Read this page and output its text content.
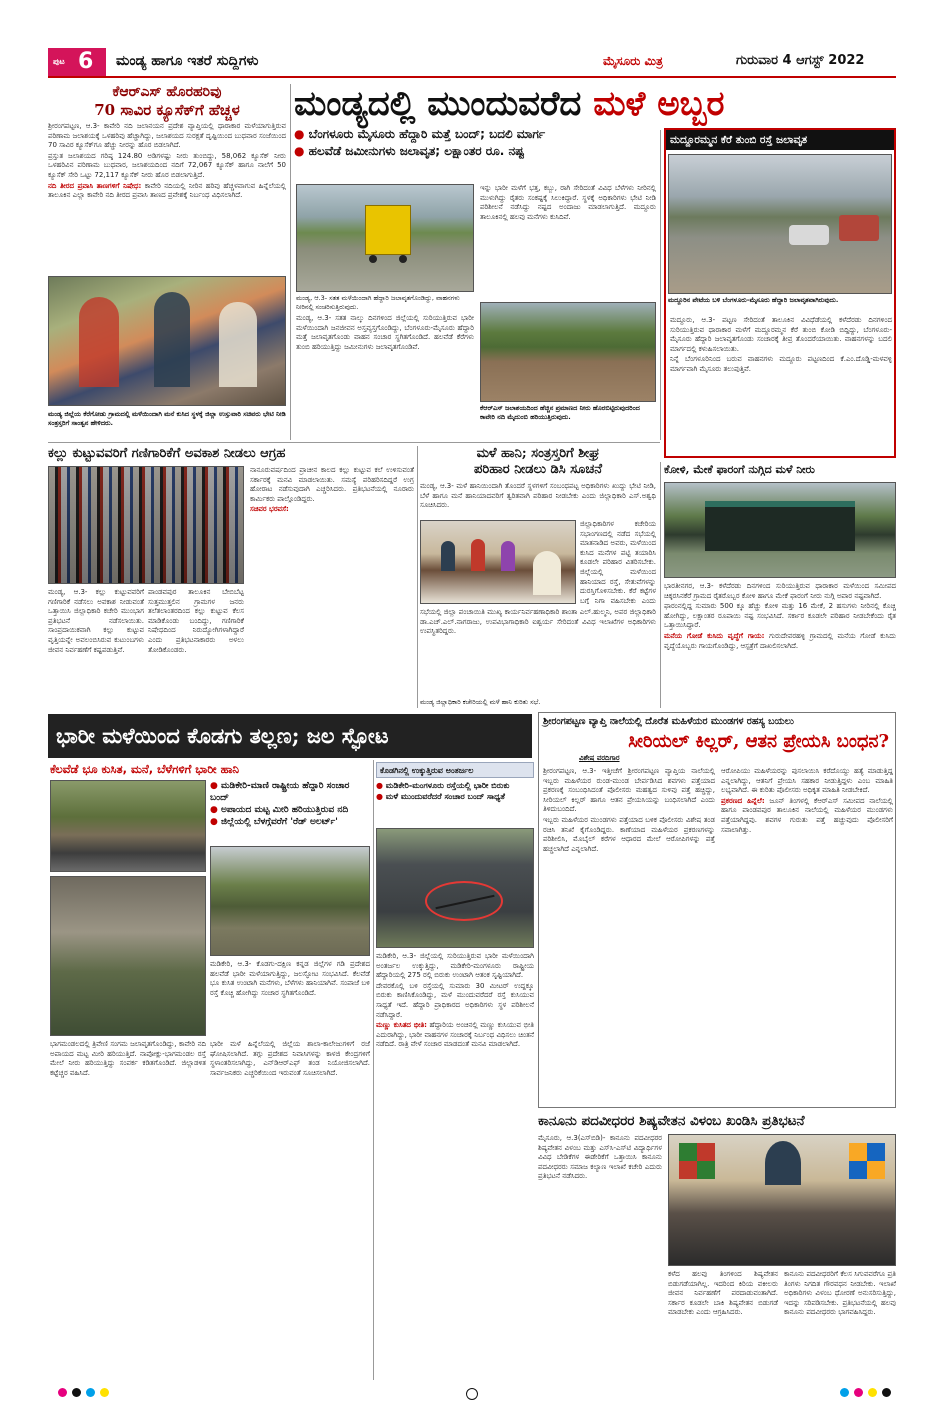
ಪುಟ 6 ಮಂಡ್ಯ ಹಾಗೂ ಇತರೆ ಸುದ್ದಿಗಳು	ಮೈಸೂರು ಮಿತ್ರ	ಗುರುವಾರ 4 ಆಗಸ್ಟ್ 2022
ಕೆಆರ್‌ಎಸ್ ಹೊರಹರಿವು
70 ಸಾವಿರ ಕ್ಯೂಸೆಕ್‌ಗೆ ಹೆಚ್ಚಳ

ಶ್ರೀರಂಗಪಟ್ಟಣ, ಆ.3- ಕಾವೇರಿ ನದಿ ಜಲಾನಯನ ಪ್ರದೇಶ ವ್ಯಾಪ್ತಿಯಲ್ಲಿ ಧಾರಾಕಾರ ಮಳೆಯಾಗುತ್ತಿರುವ ಪರಿಣಾಮ ಜಲಾಶಯಕ್ಕೆ ಒಳಹರಿವು ಹೆಚ್ಚಾಗಿದ್ದು, ಜಲಾಶಯದ ಸುರಕ್ಷತೆ ದೃಷ್ಟಿಯಿಂದ ಬುಧವಾರ ಸಂಜೆಯಿಂದ 70 ಸಾವಿರ ಕ್ಯೂಸೆಕ್‌ಗೂ ಹೆಚ್ಚು ನೀರನ್ನು ಹೊರ ಬಿಡಲಾಗಿದೆ.

ಪ್ರಸ್ತುತ ಜಲಾಶಯದ ಗರಿಷ್ಠ 124.80 ಅಡಿಗಳಷ್ಟು ನೀರು ತುಂಬಿದ್ದು, 58,062 ಕ್ಯೂಸೆಕ್ ನೀರು ಒಳಹರಿವಿನ ಪರಿಣಾಮ ಬುಧವಾರ, ಜಲಾಶಯದಿಂದ ನದಿಗೆ 72,067 ಕ್ಯೂಸೆಕ್ ಹಾಗೂ ನಾಲೆಗೆ 50 ಕ್ಯೂಸೆಕ್ ಸೇರಿ ಒಟ್ಟು 72,117 ಕ್ಯೂಸೆಕ್ ನೀರು ಹೊರ ಬಿಡಲಾಗುತ್ತಿದೆ.

ನದಿ ತೀರದ ಪ್ರವಾಸಿ ತಾಣಗಳಿಗೆ ನಿಷೇಧ: ಕಾವೇರಿ ನದಿಯಲ್ಲಿ ನೀರಿನ ಹರಿವು ಹೆಚ್ಚಳವಾಗುವ ಹಿನ್ನೆಲೆಯಲ್ಲಿ ತಾಲೂಕಿನ ಎಲ್ಲಾ ಕಾವೇರಿ ನದಿ ತೀರದ ಪ್ರವಾಸಿ ತಾಣದ ಪ್ರವೇಶಕ್ಕೆ ನಿರ್ಬಂಧ ವಿಧಿಸಲಾಗಿದೆ.

ಮಂಡ್ಯ ಜಿಲ್ಲೆಯ ಕೆರೆಗೋಡು ಗ್ರಾಮದಲ್ಲಿ ಮಳೆಯಿಂದಾಗಿ ಮನೆ ಕುಸಿದ ಸ್ಥಳಕ್ಕೆ ಜಿಲ್ಲಾ ಉಸ್ತುವಾರಿ ಸಚಿವರು ಭೇಟಿ ನೀಡಿ ಸಂತ್ರಸ್ತರಿಗೆ ಸಾಂತ್ವನ ಹೇಳಿದರು.
ಮಂಡ್ಯದಲ್ಲಿ ಮುಂದುವರೆದ ಮಳೆ ಅಬ್ಬರ
● ಬೆಂಗಳೂರು ಮೈಸೂರು ಹೆದ್ದಾರಿ ಮತ್ತೆ ಬಂದ್; ಬದಲಿ ಮಾರ್ಗ
● ಹಲವೆಡೆ ಜಮೀನುಗಳು ಜಲಾವೃತ; ಲಕ್ಷಾಂತರ ರೂ. ನಷ್ಟ
ಮಂಡ್ಯ, ಆ.3- ಸತತ ಮಳೆಯಿಂದಾಗಿ ಹೆದ್ದಾರಿ ಜಲಾವೃತಗೊಂಡಿದ್ದು, ವಾಹನಗಳು ನೀರಿನಲ್ಲಿ ಸಂಚರಿಸುತ್ತಿರುವುದು.
ಮಂಡ್ಯ, ಆ.3- ಸತತ ನಾಲ್ಕು ದಿನಗಳಿಂದ ಜಿಲ್ಲೆಯಲ್ಲಿ ಸುರಿಯುತ್ತಿರುವ ಭಾರೀ ಮಳೆಯಿಂದಾಗಿ ಜನಜೀವನ ಅಸ್ತವ್ಯಸ್ತಗೊಂಡಿದ್ದು, ಬೆಂಗಳೂರು-ಮೈಸೂರು ಹೆದ್ದಾರಿ ಮತ್ತೆ ಜಲಾವೃತಗೊಂಡು ವಾಹನ ಸಂಚಾರ ಸ್ಥಗಿತಗೊಂಡಿದೆ. ಹಲವೆಡೆ ಕೆರೆಗಳು ತುಂಬಿ ಹರಿಯುತ್ತಿದ್ದು ಜಮೀನುಗಳು ಜಲಾವೃತಗೊಂಡಿವೆ.
ಇನ್ನು ಭಾರೀ ಮಳೆಗೆ ಭತ್ತ, ಕಬ್ಬು, ರಾಗಿ ಸೇರಿದಂತೆ ವಿವಿಧ ಬೆಳೆಗಳು ನೀರಿನಲ್ಲಿ ಮುಳುಗಿದ್ದು ರೈತರು ಸಂಕಷ್ಟಕ್ಕೆ ಸಿಲುಕಿದ್ದಾರೆ. ಸ್ಥಳಕ್ಕೆ ಅಧಿಕಾರಿಗಳು ಭೇಟಿ ನೀಡಿ ಪರಿಶೀಲನೆ ನಡೆಸಿದ್ದು ನಷ್ಟದ ಅಂದಾಜು ಮಾಡಲಾಗುತ್ತಿದೆ. ಮದ್ದೂರು ತಾಲೂಕಿನಲ್ಲಿ ಹಲವು ಮನೆಗಳು ಕುಸಿದಿವೆ.
ಕೆಆರ್‌ಎಸ್ ಜಲಾಶಯದಿಂದ ಹೆಚ್ಚಿನ ಪ್ರಮಾಣದ ನೀರು ಹೊರಬಿಟ್ಟಿರುವುದರಿಂದ ಕಾವೇರಿ ನದಿ ಮೈದುಂಬಿ ಹರಿಯುತ್ತಿರುವುದು.
ಮದ್ದೂರಮ್ಮನ ಕೆರೆ ತುಂಬಿ ರಸ್ತೆ ಜಲಾವೃತ
ಮದ್ದೂರಿನ ಪೇಟೆಯ ಬಳಿ ಬೆಂಗಳೂರು-ಮೈಸೂರು ಹೆದ್ದಾರಿ ಜಲಾವೃತವಾಗಿರುವುದು.

ಮದ್ದೂರು, ಆ.3- ಪಟ್ಟಣ ಸೇರಿದಂತೆ ತಾಲೂಕಿನ ವಿವಿಧೆಡೆಯಲ್ಲಿ ಕಳೆದೆರಡು ದಿನಗಳಿಂದ ಸುರಿಯುತ್ತಿರುವ ಧಾರಾಕಾರ ಮಳೆಗೆ ಮದ್ದೂರಮ್ಮನ ಕೆರೆ ತುಂಬಿ ಕೋಡಿ ಬಿದ್ದಿದ್ದು, ಬೆಂಗಳೂರು-ಮೈಸೂರು ಹೆದ್ದಾರಿ ಜಲಾವೃತಗೊಂಡು ಸಂಚಾರಕ್ಕೆ ತೀವ್ರ ತೊಂದರೆಯಾಯಿತು. ವಾಹನಗಳನ್ನು ಬದಲಿ ಮಾರ್ಗದಲ್ಲಿ ಕಳುಹಿಸಲಾಯಿತು.

ನಿನ್ನೆ ಬೆಂಗಳೂರಿನಿಂದ ಬರುವ ವಾಹನಗಳು ಮದ್ದೂರು ಪಟ್ಟಣದಿಂದ ಕೆ.ಎಂ.ದೊಡ್ಡಿ-ಮಳವಳ್ಳಿ ಮಾರ್ಗವಾಗಿ ಮೈಸೂರು ತಲುಪುತ್ತಿವೆ.

ಕಲ್ಲು ಕುಟ್ಟುವವರಿಗೆ ಗಣಿಗಾರಿಕೆಗೆ ಅವಕಾಶ ನೀಡಲು ಆಗ್ರಹ
ಮಂಡ್ಯ, ಆ.3- ಕಲ್ಲು ಕುಟ್ಟುವವರಿಗೆ ಗಣಿಗಾರಿಕೆ ನಡೆಸಲು ಅವಕಾಶ ನೀಡುವಂತೆ ಒತ್ತಾಯಿಸಿ ಜಿಲ್ಲಾಧಿಕಾರಿ ಕಚೇರಿ ಮುಂಭಾಗ ಪ್ರತಿಭಟನೆ ನಡೆಸಲಾಯಿತು. ಸಾಂಪ್ರದಾಯಿಕವಾಗಿ ಕಲ್ಲು ಕುಟ್ಟುವ ವೃತ್ತಿಯನ್ನೇ ಅವಲಂಬಿಸಿರುವ ಕುಟುಂಬಗಳು ಜೀವನ ನಿರ್ವಹಣೆಗೆ ಕಷ್ಟಪಡುತ್ತಿವೆ.
ಪಾಂಡವಪುರ ತಾಲೂಕಿನ ಬೇಬಿಬೆಟ್ಟ ಸುತ್ತಮುತ್ತಲಿನ ಗ್ರಾಮಗಳ ಜನರು ತಲೆತಲಾಂತರದಿಂದ ಕಲ್ಲು ಕುಟ್ಟುವ ಕೆಲಸ ಮಾಡಿಕೊಂಡು ಬಂದಿದ್ದು, ಗಣಿಗಾರಿಕೆ ನಿಷೇಧದಿಂದ ನಿರುದ್ಯೋಗಿಗಳಾಗಿದ್ದಾರೆ ಎಂದು ಪ್ರತಿಭಟನಾಕಾರರು ಅಳಲು ತೋಡಿಕೊಂಡರು.

ನಾನೂರುವರ್ಷದಿಂದ ಪ್ರಾಚೀನ ಕಾಲದ ಕಲ್ಲು ಕುಟ್ಟುವ ಕಲೆ ಉಳಿಸುವಂತೆ ಸರ್ಕಾರಕ್ಕೆ ಮನವಿ ಮಾಡಲಾಯಿತು. ಸಮಸ್ಯೆ ಪರಿಹರಿಸದಿದ್ದರೆ ಉಗ್ರ ಹೋರಾಟ ನಡೆಸುವುದಾಗಿ ಎಚ್ಚರಿಸಿದರು. ಪ್ರತಿಭಟನೆಯಲ್ಲಿ ನೂರಾರು ಕಾರ್ಮಿಕರು ಪಾಲ್ಗೊಂಡಿದ್ದರು.

ಸಚಿವರ ಭರವಸೆ:

ಮಳೆ ಹಾನಿ; ಸಂತ್ರಸ್ತರಿಗೆ ಶೀಘ್ರ
ಪರಿಹಾರ ನೀಡಲು ಡಿಸಿ ಸೂಚನೆ
ಮಂಡ್ಯ, ಆ.3- ಮಳೆ ಹಾನಿಯಿಂದಾಗಿ ತೊಂದರೆ ಸ್ಥಳಗಳಿಗೆ ಸಂಬಂಧಪಟ್ಟ ಅಧಿಕಾರಿಗಳು ಖುದ್ದು ಭೇಟಿ ನೀಡಿ, ಬೆಳೆ ಹಾಗೂ ಮನೆ ಹಾನಿಯಾದವರಿಗೆ ತ್ವರಿತವಾಗಿ ಪರಿಹಾರ ನೀಡಬೇಕು ಎಂದು ಜಿಲ್ಲಾಧಿಕಾರಿ ಎಸ್.ಅಶ್ವಥಿ ಸೂಚಿಸಿದರು.
ಜಿಲ್ಲಾಧಿಕಾರಿಗಳ ಕಚೇರಿಯ ಸಭಾಂಗಣದಲ್ಲಿ ನಡೆದ ಸಭೆಯಲ್ಲಿ ಮಾತನಾಡಿದ ಅವರು, ಮಳೆಯಿಂದ ಕುಸಿದ ಮನೆಗಳ ಪಟ್ಟಿ ತಯಾರಿಸಿ ಕೂಡಲೇ ಪರಿಹಾರ ವಿತರಿಸಬೇಕು. ಜಿಲ್ಲೆಯಲ್ಲಿ ಮಳೆಯಿಂದ ಹಾನಿಯಾದ ರಸ್ತೆ, ಸೇತುವೆಗಳನ್ನು ದುರಸ್ತಿಗೊಳಿಸಬೇಕು. ಕೆರೆ ಕಟ್ಟೆಗಳ ಬಗ್ಗೆ ನಿಗಾ ವಹಿಸಬೇಕು ಎಂದು
ಸಭೆಯಲ್ಲಿ ಜಿಲ್ಲಾ ಪಂಚಾಯಿತಿ ಮುಖ್ಯ ಕಾರ್ಯನಿರ್ವಹಣಾಧಿಕಾರಿ ಶಾಂತಾ ಎಲ್.ಹುಲ್ಮನಿ, ಅಪರ ಜಿಲ್ಲಾಧಿಕಾರಿ ಡಾ.ಎಚ್.ಎಲ್.ನಾಗರಾಜು, ಉಪವಿಭಾಗಾಧಿಕಾರಿ ಐಶ್ವರ್ಯ ಸೇರಿದಂತೆ ವಿವಿಧ ಇಲಾಖೆಗಳ ಅಧಿಕಾರಿಗಳು ಉಪಸ್ಥಿತರಿದ್ದರು.
ಮಂಡ್ಯ ಜಿಲ್ಲಾಧಿಕಾರಿ ಕಚೇರಿಯಲ್ಲಿ ಮಳೆ ಹಾನಿ ಕುರಿತು ಸಭೆ.
ಕೋಳಿ, ಮೇಕೆ ಫಾರಂಗೆ ನುಗ್ಗಿದ ಮಳೆ ನೀರು

ಭಾರತೀನಗರ, ಆ.3- ಕಳೆದೆರಡು ದಿನಗಳಿಂದ ಸುರಿಯುತ್ತಿರುವ ಧಾರಾಕಾರ ಮಳೆಯಿಂದ ಸಮೀಪದ ಚಿಕ್ಕರಸಿನಕೆರೆ ಗ್ರಾಮದ ರೈತರೊಬ್ಬರ ಕೋಳಿ ಹಾಗೂ ಮೇಕೆ ಫಾರಂಗೆ ನೀರು ನುಗ್ಗಿ ಅಪಾರ ನಷ್ಟವಾಗಿದೆ.

ಫಾರಂನಲ್ಲಿದ್ದ ಸುಮಾರು 500 ಕ್ಕೂ ಹೆಚ್ಚು ಕೋಳಿ ಮತ್ತು 16 ಮೇಕೆ, 2 ಹಸುಗಳು ನೀರಿನಲ್ಲಿ ಕೊಚ್ಚಿ ಹೋಗಿದ್ದು, ಲಕ್ಷಾಂತರ ರೂಪಾಯಿ ನಷ್ಟ ಸಂಭವಿಸಿದೆ. ಸರ್ಕಾರ ಕೂಡಲೇ ಪರಿಹಾರ ನೀಡಬೇಕೆಂದು ರೈತ ಒತ್ತಾಯಿಸಿದ್ದಾರೆ.

ಮನೆಯ ಗೋಡೆ ಕುಸಿದು ವೃದ್ಧೆಗೆ ಗಾಯ: ಗುರುದೇವರಹಳ್ಳಿ ಗ್ರಾಮದಲ್ಲಿ ಮನೆಯ ಗೋಡೆ ಕುಸಿದು ವೃದ್ಧೆಯೊಬ್ಬರು ಗಾಯಗೊಂಡಿದ್ದು, ಆಸ್ಪತ್ರೆಗೆ ದಾಖಲಿಸಲಾಗಿದೆ.

ಭಾರೀ ಮಳೆಯಿಂದ ಕೊಡಗು ತಲ್ಲಣ; ಜಲ ಸ್ಫೋಟ
ಕೆಲವೆಡೆ ಭೂ ಕುಸಿತ, ಮನೆ, ಬೆಳೆಗಳಿಗೆ ಭಾರೀ ಹಾನಿ
● ಮಡಿಕೇರಿ-ಮಾಣಿ ರಾಷ್ಟ್ರೀಯ ಹೆದ್ದಾರಿ ಸಂಚಾರ ಬಂದ್
● ಅಪಾಯದ ಮಟ್ಟ ಮೀರಿ ಹರಿಯುತ್ತಿರುವ ನದಿ
● ಜಿಲ್ಲೆಯಲ್ಲಿ ಬೆಳಗ್ಗೆವರೆಗೆ 'ರೆಡ್ ಅಲರ್ಟ್'
ಮಡಿಕೇರಿ, ಆ.3- ಕೊಡಗು-ದಕ್ಷಿಣ ಕನ್ನಡ ಜಿಲ್ಲೆಗಳ ಗಡಿ ಪ್ರದೇಶದ ಹಲವೆಡೆ ಭಾರೀ ಮಳೆಯಾಗುತ್ತಿದ್ದು, ಜಲಸ್ಫೋಟ ಸಂಭವಿಸಿದೆ. ಕೆಲವೆಡೆ ಭೂ ಕುಸಿತ ಉಂಟಾಗಿ ಮನೆಗಳು, ಬೆಳೆಗಳು ಹಾನಿಯಾಗಿವೆ. ಸಂಪಾಜೆ ಬಳಿ ರಸ್ತೆ ಕೊಚ್ಚಿ ಹೋಗಿದ್ದು ಸಂಚಾರ ಸ್ಥಗಿತಗೊಂಡಿದೆ.
ಭಾಗಮಂಡಲದಲ್ಲಿ ತ್ರಿವೇಣಿ ಸಂಗಮ ಜಲಾವೃತಗೊಂಡಿದ್ದು, ಕಾವೇರಿ ನದಿ ಅಪಾಯದ ಮಟ್ಟ ಮೀರಿ ಹರಿಯುತ್ತಿದೆ. ನಾಪೋಕ್ಲು-ಭಾಗಮಂಡಲ ರಸ್ತೆ ಮೇಲೆ ನೀರು ಹರಿಯುತ್ತಿದ್ದು ಸಂಪರ್ಕ ಕಡಿತಗೊಂಡಿದೆ. ಜಿಲ್ಲಾಡಳಿತ ಕಟ್ಟೆಚ್ಚರ ವಹಿಸಿದೆ.
ಭಾರೀ ಮಳೆ ಹಿನ್ನೆಲೆಯಲ್ಲಿ ಜಿಲ್ಲೆಯ ಶಾಲಾ-ಕಾಲೇಜುಗಳಿಗೆ ರಜೆ ಘೋಷಿಸಲಾಗಿದೆ. ತಗ್ಗು ಪ್ರದೇಶದ ನಿವಾಸಿಗಳನ್ನು ಕಾಳಜಿ ಕೇಂದ್ರಗಳಿಗೆ ಸ್ಥಳಾಂತರಿಸಲಾಗಿದ್ದು, ಎನ್‌ಡಿಆರ್‌ಎಫ್ ತಂಡ ನಿಯೋಜಿಸಲಾಗಿದೆ. ಸಾರ್ವಜನಿಕರು ಎಚ್ಚರಿಕೆಯಿಂದ ಇರುವಂತೆ ಸೂಚಿಸಲಾಗಿದೆ.
ಕೊಡಗಿನಲ್ಲಿ ಉಕ್ಕುತ್ತಿರುವ ಅಂತರ್ಜಲ
● ಮಡಿಕೇರಿ-ಮಂಗಳೂರು ರಸ್ತೆಯಲ್ಲಿ ಭಾರೀ ಬಿರುಕು
● ಮಳೆ ಮುಂದುವರೆದರೆ ಸಂಚಾರ ಬಂದ್ ಸಾಧ್ಯತೆ

ಮಡಿಕೇರಿ, ಆ.3- ಜಿಲ್ಲೆಯಲ್ಲಿ ಸುರಿಯುತ್ತಿರುವ ಭಾರೀ ಮಳೆಯಿಂದಾಗಿ ಅಂತರ್ಜಲ ಉಕ್ಕುತ್ತಿದ್ದು, ಮಡಿಕೇರಿ-ಮಂಗಳೂರು ರಾಷ್ಟ್ರೀಯ ಹೆದ್ದಾರಿಯಲ್ಲಿ 275 ರಲ್ಲಿ ಬಿರುಕು ಉಂಟಾಗಿ ಆತಂಕ ಸೃಷ್ಟಿಯಾಗಿದೆ.

ದೇವರಕೊಲ್ಲಿ ಬಳಿ ರಸ್ತೆಯಲ್ಲಿ ಸುಮಾರು 30 ಮೀಟರ್ ಉದ್ದಕ್ಕೂ ಬಿರುಕು ಕಾಣಿಸಿಕೊಂಡಿದ್ದು, ಮಳೆ ಮುಂದುವರೆದರೆ ರಸ್ತೆ ಕುಸಿಯುವ ಸಾಧ್ಯತೆ ಇದೆ. ಹೆದ್ದಾರಿ ಪ್ರಾಧಿಕಾರದ ಅಧಿಕಾರಿಗಳು ಸ್ಥಳ ಪರಿಶೀಲನೆ ನಡೆಸಿದ್ದಾರೆ.

ಮಣ್ಣು ಕುಸಿತದ ಭೀತಿ: ಹೆದ್ದಾರಿಯ ಅಂಚಿನಲ್ಲಿ ಮಣ್ಣು ಕುಸಿಯುವ ಭೀತಿ ಎದುರಾಗಿದ್ದು, ಭಾರೀ ವಾಹನಗಳ ಸಂಚಾರಕ್ಕೆ ನಿರ್ಬಂಧ ವಿಧಿಸಲು ಚಿಂತನೆ ನಡೆದಿದೆ. ರಾತ್ರಿ ವೇಳೆ ಸಂಚಾರ ಮಾಡದಂತೆ ಮನವಿ ಮಾಡಲಾಗಿದೆ.

ಶ್ರೀರಂಗಪಟ್ಟಣ ವ್ಯಾಪ್ತಿ ನಾಲೆಯಲ್ಲಿ ದೊರೆತ ಮಹಿಳೆಯರ ಮುಂಡಗಳ ರಹಸ್ಯ ಬಯಲು
ಸೀರಿಯಲ್ ಕಿಲ್ಲರ್, ಆತನ ಪ್ರೇಯಸಿ ಬಂಧನ?
ವಿಶೇಷ ವರದಿಗಾರ

ಶ್ರೀರಂಗಪಟ್ಟಣ, ಆ.3- ಇತ್ತೀಚೆಗೆ ಶ್ರೀರಂಗಪಟ್ಟಣ ವ್ಯಾಪ್ತಿಯ ನಾಲೆಯಲ್ಲಿ ಇಬ್ಬರು ಮಹಿಳೆಯರ ರುಂಡ-ಮುಂಡ ಬೇರ್ಪಡಿಸಿದ ಶವಗಳು ಪತ್ತೆಯಾದ ಪ್ರಕರಣಕ್ಕೆ ಸಂಬಂಧಿಸಿದಂತೆ ಪೊಲೀಸರು ಮಹತ್ವದ ಸುಳಿವು ಪತ್ತೆ ಹಚ್ಚಿದ್ದು, ಸೀರಿಯಲ್ ಕಿಲ್ಲರ್ ಹಾಗೂ ಆತನ ಪ್ರೇಯಸಿಯನ್ನು ಬಂಧಿಸಲಾಗಿದೆ ಎಂದು ತಿಳಿದುಬಂದಿದೆ.

ಇಬ್ಬರು ಮಹಿಳೆಯರ ಮುಂಡಗಳು ಪತ್ತೆಯಾದ ಬಳಿಕ ಪೊಲೀಸರು ವಿಶೇಷ ತಂಡ ರಚಿಸಿ ತನಿಖೆ ಕೈಗೊಂಡಿದ್ದರು. ಕಾಣೆಯಾದ ಮಹಿಳೆಯರ ಪ್ರಕರಣಗಳನ್ನು ಪರಿಶೀಲಿಸಿ, ಮೊಬೈಲ್ ಕರೆಗಳ ಆಧಾರದ ಮೇಲೆ ಆರೋಪಿಗಳನ್ನು ಪತ್ತೆ ಹಚ್ಚಲಾಗಿದೆ ಎನ್ನಲಾಗಿದೆ.

ಆರೋಪಿಯು ಮಹಿಳೆಯರನ್ನು ಪುಸಲಾಯಿಸಿ ಕರೆದೊಯ್ದು ಹತ್ಯೆ ಮಾಡುತ್ತಿದ್ದ ಎನ್ನಲಾಗಿದ್ದು, ಆತನಿಗೆ ಪ್ರೇಯಸಿ ಸಹಕಾರ ನೀಡುತ್ತಿದ್ದಳು ಎಂಬ ಮಾಹಿತಿ ಲಭ್ಯವಾಗಿದೆ. ಈ ಕುರಿತು ಪೊಲೀಸರು ಅಧಿಕೃತ ಮಾಹಿತಿ ನೀಡಬೇಕಿದೆ.

ಪ್ರಕರಣದ ಹಿನ್ನೆಲೆ: ಜೂನ್ ತಿಂಗಳಲ್ಲಿ ಕೆಆರ್‌ಎಸ್ ಸಮೀಪದ ನಾಲೆಯಲ್ಲಿ ಹಾಗೂ ಪಾಂಡವಪುರ ತಾಲೂಕಿನ ನಾಲೆಯಲ್ಲಿ ಮಹಿಳೆಯರ ಮುಂಡಗಳು ಪತ್ತೆಯಾಗಿದ್ದವು. ಶವಗಳ ಗುರುತು ಪತ್ತೆ ಹಚ್ಚುವುದು ಪೊಲೀಸರಿಗೆ ಸವಾಲಾಗಿತ್ತು.

ಕಾನೂನು ಪದವೀಧರರ ಶಿಷ್ಯವೇತನ ವಿಳಂಬ ಖಂಡಿಸಿ ಪ್ರತಿಭಟನೆ
ಮೈಸೂರು, ಆ.3(ಎಸ್‌ಬಿಡಿ)- ಕಾನೂನು ಪದವೀಧರರ ಶಿಷ್ಯವೇತನ ವಿಳಂಬ ಮತ್ತು ಎಸ್‌ಸಿ-ಎಸ್‌ಟಿ ವಿದ್ಯಾರ್ಥಿಗಳ ವಿವಿಧ ಬೇಡಿಕೆಗಳ ಈಡೇರಿಕೆಗೆ ಒತ್ತಾಯಿಸಿ ಕಾನೂನು ಪದವೀಧರರು ಸಮಾಜ ಕಲ್ಯಾಣ ಇಲಾಖೆ ಕಚೇರಿ ಎದುರು ಪ್ರತಿಭಟನೆ ನಡೆಸಿದರು.
ಕಳೆದ ಹಲವು ತಿಂಗಳಿಂದ ಶಿಷ್ಯವೇತನ ಬಿಡುಗಡೆಯಾಗಿಲ್ಲ. ಇದರಿಂದ ಕಿರಿಯ ವಕೀಲರು ಜೀವನ ನಿರ್ವಹಣೆಗೆ ಪರದಾಡುವಂತಾಗಿದೆ. ಸರ್ಕಾರ ಕೂಡಲೇ ಬಾಕಿ ಶಿಷ್ಯವೇತನ ಬಿಡುಗಡೆ ಮಾಡಬೇಕು ಎಂದು ಆಗ್ರಹಿಸಿದರು.
ಕಾನೂನು ಪದವೀಧರರಿಗೆ ಕೆಲಸ ಸಿಗುವವರೆಗೂ ಪ್ರತಿ ತಿಂಗಳು ನಿಗದಿತ ಗೌರವಧನ ನೀಡಬೇಕು. ಇಲಾಖೆ ಅಧಿಕಾರಿಗಳು ವಿಳಂಬ ಧೋರಣೆ ಅನುಸರಿಸುತ್ತಿದ್ದು, ಇದನ್ನು ಸರಿಪಡಿಸಬೇಕು. ಪ್ರತಿಭಟನೆಯಲ್ಲಿ ಹಲವು ಕಾನೂನು ಪದವೀಧರರು ಭಾಗವಹಿಸಿದ್ದರು.
